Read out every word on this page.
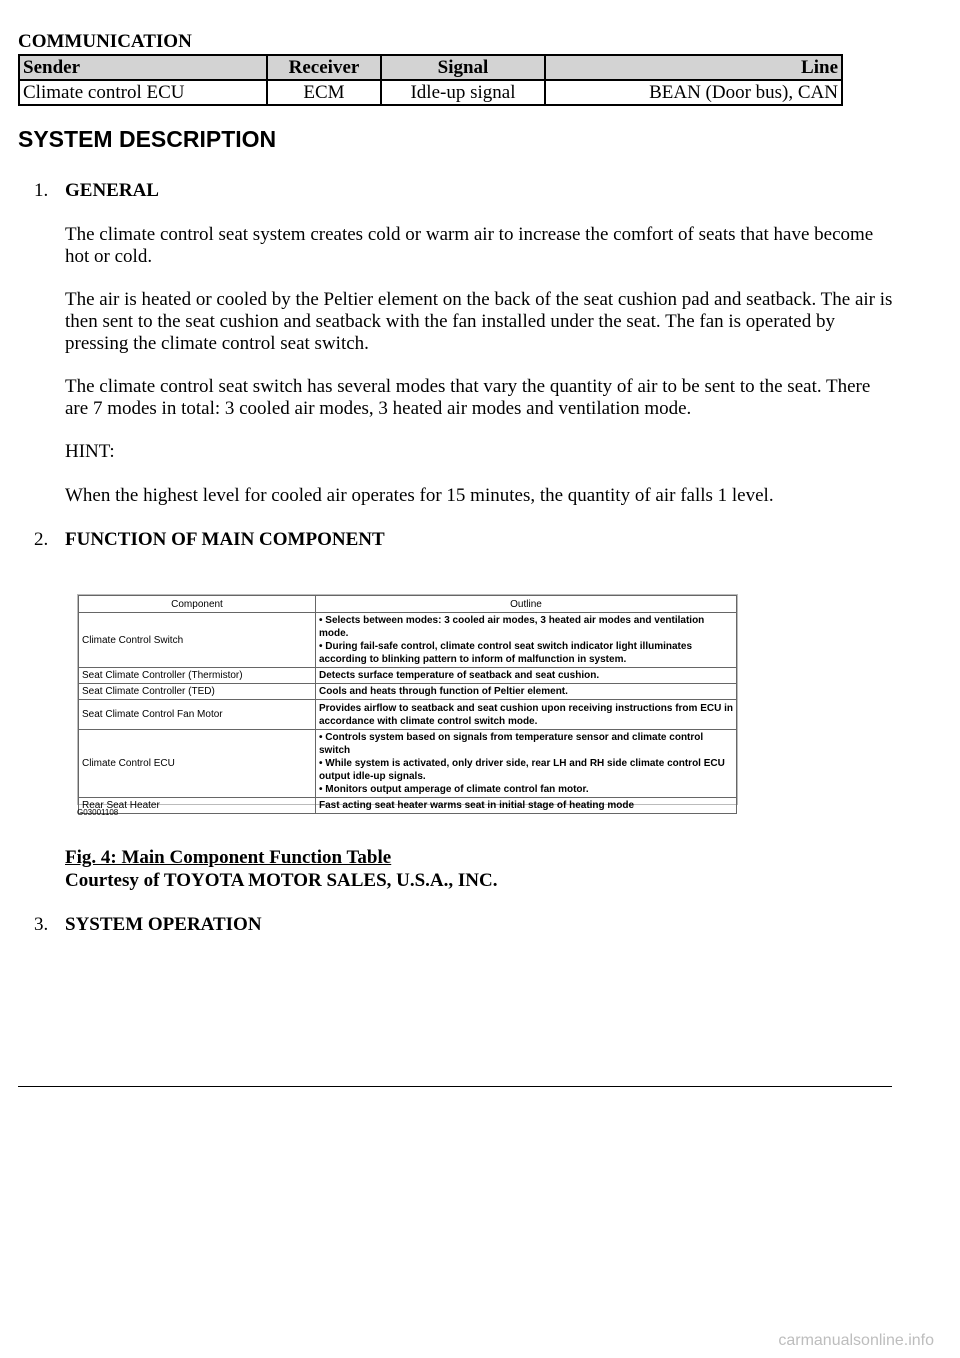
COMMUNICATION
Sender	Receiver	Signal	Line
Climate control ECU	ECM	Idle-up signal	BEAN (Door bus), CAN
SYSTEM DESCRIPTION
1. GENERAL
The climate control seat system creates cold or warm air to increase the comfort of seats that have become hot or cold.
The air is heated or cooled by the Peltier element on the back of the seat cushion pad and seatback. The air is then sent to the seat cushion and seatback with the fan installed under the seat. The fan is operated by pressing the climate control seat switch.
The climate control seat switch has several modes that vary the quantity of air to be sent to the seat. There are 7 modes in total: 3 cooled air modes, 3 heated air modes and ventilation mode.
HINT:
When the highest level for cooled air operates for 15 minutes, the quantity of air falls 1 level.
2. FUNCTION OF MAIN COMPONENT
Component	Outline
Climate Control Switch	• Selects between modes: 3 cooled air modes, 3 heated air modes and ventilation mode.
• During fail-safe control, climate control seat switch indicator light illuminates according to blinking pattern to inform of malfunction in system.

Seat Climate Controller (Thermistor)	Detects surface temperature of seatback and seat cushion.
Seat Climate Controller (TED)	Cools and heats through function of Peltier element.
Seat Climate Control Fan Motor	Provides airflow to seatback and seat cushion upon receiving instructions from ECU in accordance with climate control switch mode.
Climate Control ECU	• Controls system based on signals from temperature sensor and climate control switch
• While system is activated, only driver side, rear LH and RH side climate control ECU output idle-up signals.
• Monitors output amperage of climate control fan motor.

Rear Seat Heater	Fast acting seat heater warms seat in initial stage of heating mode
G03001108
Fig. 4: Main Component Function Table
Courtesy of TOYOTA MOTOR SALES, U.S.A., INC.
3. SYSTEM OPERATION
carmanualsonline.info
